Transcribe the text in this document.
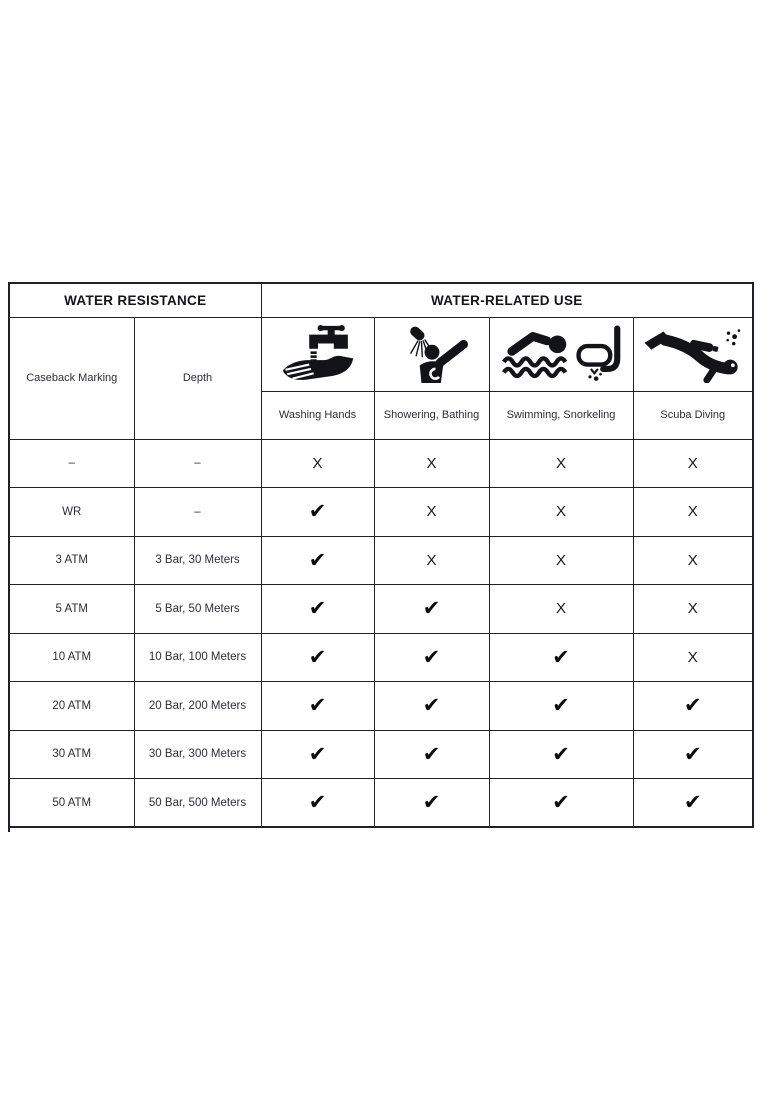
WATER RESISTANCE		WATER-RELATED USE			
Caseback Marking	Depth	

		Washing Hands	Showering, Bathing	Swimming, Snorkeling	Scuba Diving
–	–	X	X	X	X
WR	–	✔	X	X	X
3 ATM	3 Bar, 30 Meters	✔	X	X	X
5 ATM	5 Bar, 50 Meters	✔	✔	X	X
10 ATM	10 Bar, 100 Meters	✔	✔	✔	X
20 ATM	20 Bar, 200 Meters	✔	✔	✔	✔
30 ATM	30 Bar, 300 Meters	✔	✔	✔	✔
50 ATM	50 Bar, 500 Meters	✔	✔	✔	✔
